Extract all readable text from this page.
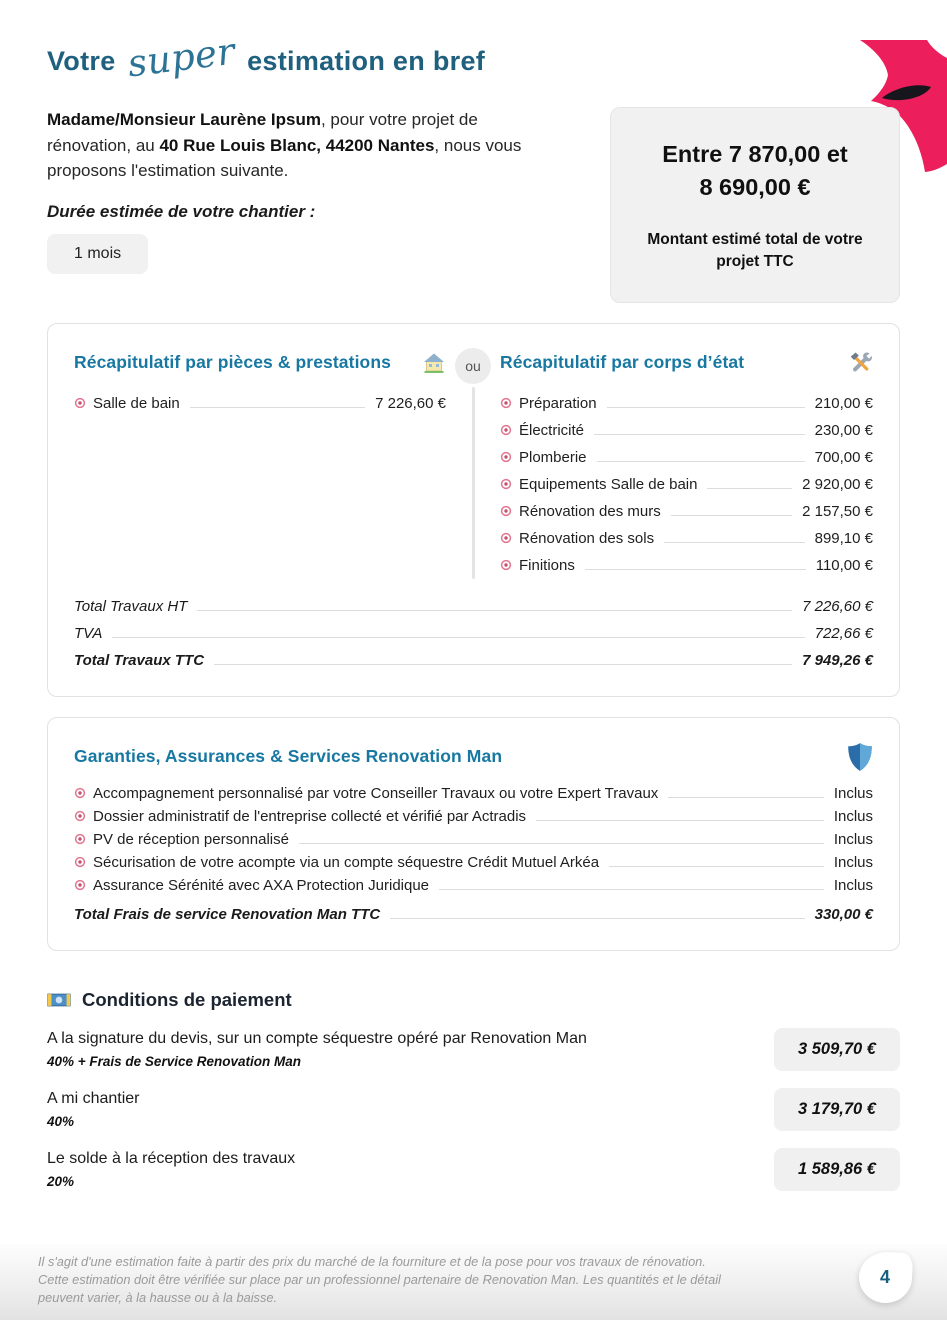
Votre super estimation en bref

Madame/Monsieur Laurène Ipsum, pour votre projet de rénovation, au 40 Rue Louis Blanc, 44200 Nantes, nous vous proposons l'estimation suivante.

Durée estimée de votre chantier :
1 mois
Entre 7 870,00 et 8 690,00 €
Montant estimé total de votre projet TTC
Récapitulatif par pièces & prestations
Salle de bain	7 226,60 €
ou	Récapitulatif par corps d’état
Préparation	210,00 €
Électricité	230,00 €
Plomberie	700,00 €
Equipements Salle de bain	2 920,00 €
Rénovation des murs	2 157,50 €
Rénovation des sols	899,10 €
Finitions	110,00 €
Total Travaux HT	7 226,60 €
TVA	722,66 €
Total Travaux TTC	7 949,26 €
Garanties, Assurances & Services Renovation Man
Accompagnement personnalisé par votre Conseiller Travaux ou votre Expert Travaux	Inclus
Dossier administratif de l'entreprise collecté et vérifié par Actradis	Inclus
PV de réception personnalisé	Inclus
Sécurisation de votre acompte via un compte séquestre Crédit Mutuel Arkéa	Inclus
Assurance Sérénité avec AXA Protection Juridique	Inclus
Total Frais de service Renovation Man TTC	330,00 €
Conditions de paiement
A la signature du devis, sur un compte séquestre opéré par Renovation Man
40% + Frais de Service Renovation Man
3 509,70 €
A mi chantier
40%
3 179,70 €
Le solde à la réception des travaux
20%
1 589,86 €

Il s'agit d'une estimation faite à partir des prix du marché de la fourniture et de la pose pour vos travaux de rénovation. Cette estimation doit être vérifiée sur place par un professionnel partenaire de Renovation Man. Les quantités et le détail peuvent varier, à la hausse ou à la baisse.

4
